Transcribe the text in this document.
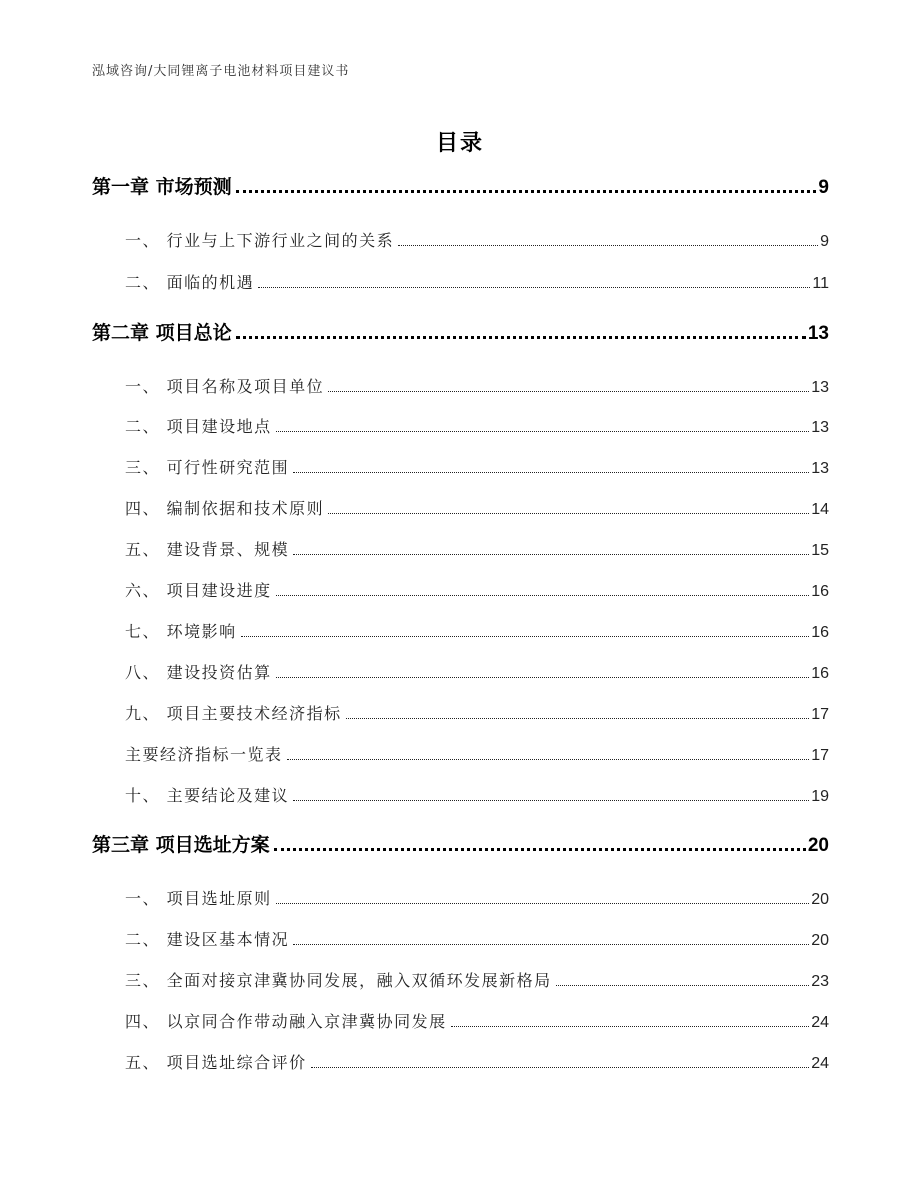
泓域咨询/大同锂离子电池材料项目建议书
目录
第一章 市场预测	9
一、 行业与上下游行业之间的关系	9
二、 面临的机遇	11
第二章 项目总论	13
一、 项目名称及项目单位	13
二、 项目建设地点	13
三、 可行性研究范围	13
四、 编制依据和技术原则	14
五、 建设背景、规模	15
六、 项目建设进度	16
七、 环境影响	16
八、 建设投资估算	16
九、 项目主要技术经济指标	17
主要经济指标一览表	17
十、 主要结论及建议	19
第三章 项目选址方案	20
一、 项目选址原则	20
二、 建设区基本情况	20
三、 全面对接京津冀协同发展，融入双循环发展新格局	23
四、 以京同合作带动融入京津冀协同发展	24
五、 项目选址综合评价	24
